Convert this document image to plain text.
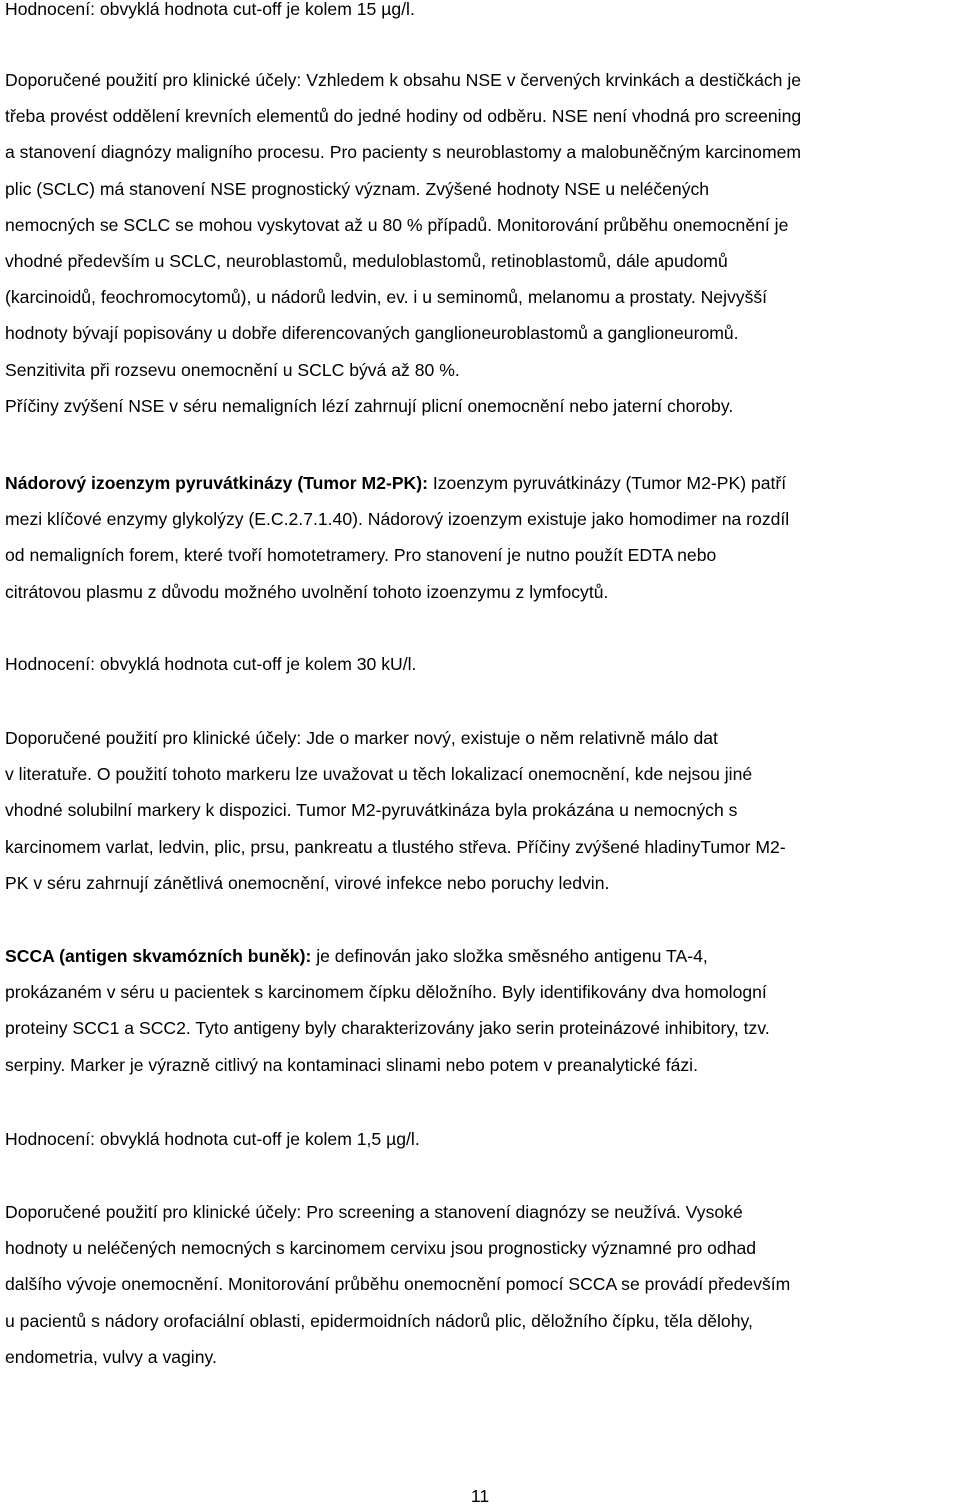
Hodnocení: obvyklá hodnota cut-off je kolem 15 µg/l.
Doporučené použití pro klinické účely: Vzhledem k obsahu NSE v červených krvinkách a destičkách je
třeba provést oddělení krevních elementů do jedné hodiny od odběru. NSE není vhodná pro screening
a stanovení diagnózy maligního procesu. Pro pacienty s neuroblastomy a malobuněčným karcinomem
plic (SCLC) má stanovení NSE prognostický význam. Zvýšené hodnoty NSE u neléčených
nemocných se SCLC se mohou vyskytovat až u 80 % případů. Monitorování průběhu onemocnění je
vhodné především u SCLC, neuroblastomů, meduloblastomů, retinoblastomů, dále apudomů
(karcinoidů, feochromocytomů), u nádorů ledvin, ev. i u seminomů, melanomu a prostaty. Nejvyšší
hodnoty bývají popisovány u dobře diferencovaných ganglioneuroblastomů a ganglioneuromů.
Senzitivita při rozsevu onemocnění u SCLC bývá až 80 %.
Příčiny zvýšení NSE v séru nemaligních lézí zahrnují plicní onemocnění nebo jaterní choroby.
Nádorový izoenzym pyruvátkinázy (Tumor M2-PK): Izoenzym pyruvátkinázy (Tumor M2-PK) patří
mezi klíčové enzymy glykolýzy (E.C.2.7.1.40). Nádorový izoenzym existuje jako homodimer na rozdíl
od nemaligních forem, které tvoří homotetramery. Pro stanovení je nutno použít EDTA nebo
citrátovou plasmu z důvodu možného uvolnění tohoto izoenzymu z lymfocytů.
Hodnocení: obvyklá hodnota cut-off je kolem 30 kU/l.
Doporučené použití pro klinické účely: Jde o marker nový, existuje o něm relativně málo dat
v literatuře. O použití tohoto markeru lze uvažovat u těch lokalizací onemocnění, kde nejsou jiné
vhodné solubilní markery k dispozici. Tumor M2-pyruvátkináza byla prokázána u nemocných s
karcinomem varlat, ledvin, plic, prsu, pankreatu a tlustého střeva. Příčiny zvýšené hladinyTumor M2-
PK v séru zahrnují zánětlivá onemocnění, virové infekce nebo poruchy ledvin.
SCCA (antigen skvamózních buněk): je definován jako složka směsného antigenu TA-4,
prokázaném v séru u pacientek s karcinomem čípku děložního. Byly identifikovány dva homologní
proteiny SCC1 a SCC2. Tyto antigeny byly charakterizovány jako serin proteinázové inhibitory, tzv.
serpiny. Marker je výrazně citlivý na kontaminaci slinami nebo potem v preanalytické fázi.
Hodnocení: obvyklá hodnota cut-off je kolem 1,5 µg/l.
Doporučené použití pro klinické účely: Pro screening a stanovení diagnózy se neužívá. Vysoké
hodnoty u neléčených nemocných s karcinomem cervixu jsou prognosticky významné pro odhad
dalšího vývoje onemocnění. Monitorování průběhu onemocnění pomocí SCCA se provádí především
u pacientů s nádory orofaciální oblasti, epidermoidních nádorů plic, děložního čípku, těla dělohy,
endometria, vulvy a vaginy.
11
